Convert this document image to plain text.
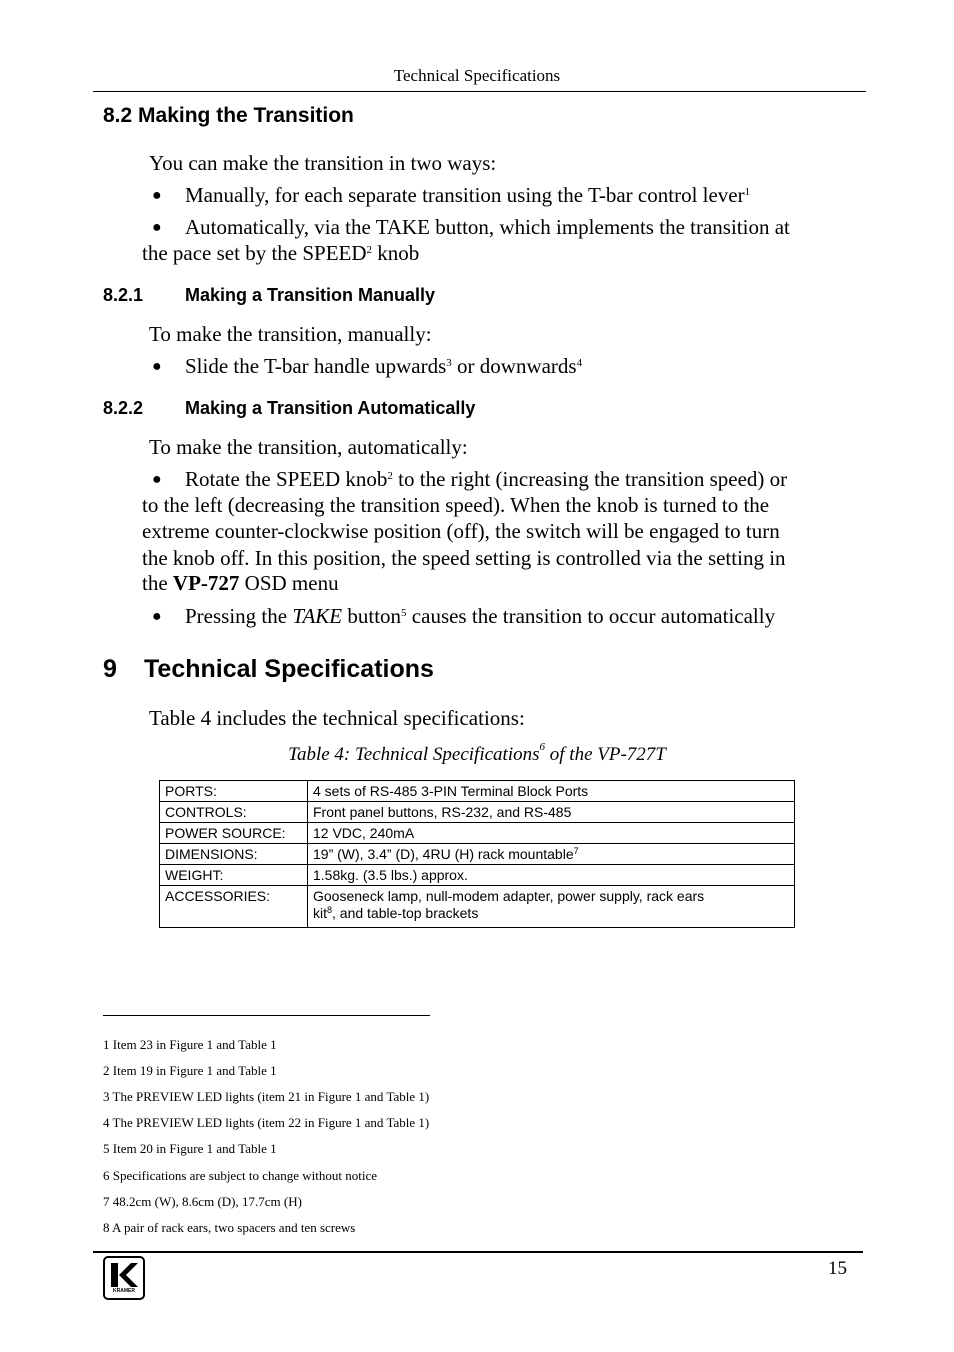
Technical Specifications
8.2 Making the Transition
You can make the transition in two ways:
● Manually, for each separate transition using the T-bar control lever$^1$
● Automatically, via the TAKE button, which implements the transition at
the pace set by the SPEED$^2$ knob
8.2.1 Making a Transition Manually
To make the transition, manually:
● Slide the T-bar handle upwards$^3$ or downwards$^4$
8.2.2 Making a Transition Automatically
To make the transition, automatically:
● Rotate the SPEED knob$^2$ to the right (increasing the transition speed) or
to the left (decreasing the transition speed). When the knob is turned to the
extreme counter-clockwise position (off), the switch will be engaged to turn
the knob off. In this position, the speed setting is controlled via the setting in
the VP-727 OSD menu
● Pressing the TAKE button$^5$ causes the transition to occur automatically
9 Technical Specifications
Table 4 includes the technical specifications:
Table 4: Technical Specifications$^6$ of the VP-727T
PORTS:	4 sets of RS-485 3-PIN Terminal Block Ports
CONTROLS:	Front panel buttons, RS-232, and RS-485
POWER SOURCE:	12 VDC, 240mA
DIMENSIONS:	19” (W), 3.4” (D), 4RU (H) rack mountable$^7$
WEIGHT:	1.58kg. (3.5 lbs.) approx.
ACCESSORIES:	Gooseneck lamp, null-modem adapter, power supply, rack ears
kit$^8$, and table-top brackets
1 Item 23 in Figure 1 and Table 1
2 Item 19 in Figure 1 and Table 1
3 The PREVIEW LED lights (item 21 in Figure 1 and Table 1)
4 The PREVIEW LED lights (item 22 in Figure 1 and Table 1)
5 Item 20 in Figure 1 and Table 1
6 Specifications are subject to change without notice
7 48.2cm (W), 8.6cm (D), 17.7cm (H)
8 A pair of rack ears, two spacers and ten screws
15
KRAMER
